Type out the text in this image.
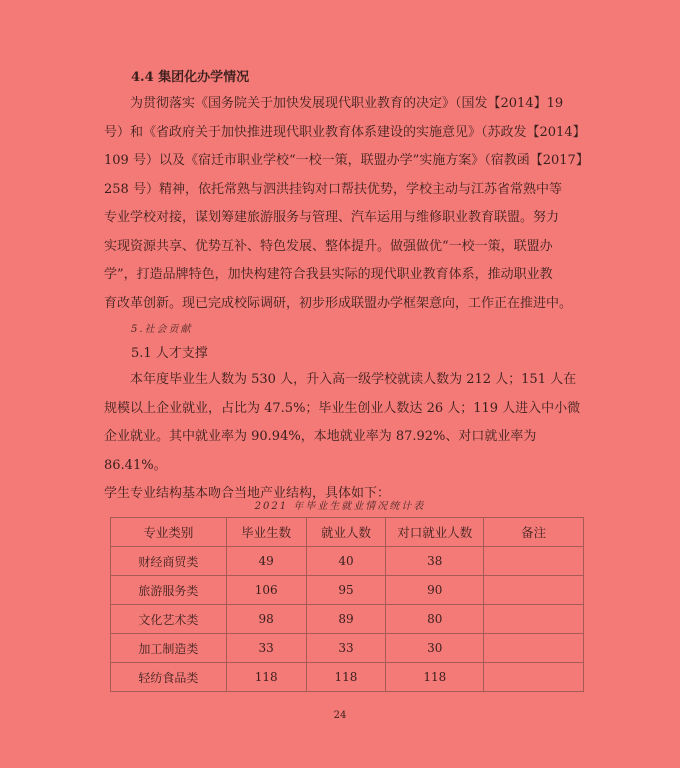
4.4 集团化办学情况

为贯彻落实《国务院关于加快发展现代职业教育的决定》（国发【2014】19

号）和《省政府关于加快推进现代职业教育体系建设的实施意见》（苏政发【2014】

109 号）以及《宿迁市职业学校“一校一策，联盟办学”实施方案》（宿教函【2017】

258 号）精神，依托常熟与泗洪挂钩对口帮扶优势，学校主动与江苏省常熟中等

专业学校对接，谋划筹建旅游服务与管理、汽车运用与维修职业教育联盟。努力

实现资源共享、优势互补、特色发展、整体提升。做强做优“一校一策，联盟办

学”，打造品牌特色，加快构建符合我县实际的现代职业教育体系，推动职业教

育改革创新。现已完成校际调研，初步形成联盟办学框架意向，工作正在推进中。

5.社会贡献
5.1 人才支撑

本年度毕业生人数为 530 人，升入高一级学校就读人数为 212 人；151 人在

规模以上企业就业，占比为 47.5%；毕业生创业人数达 26 人；119 人进入中小微

企业就业。其中就业率为 90.94%，本地就业率为 87.92%、对口就业率为 86.41%。

学生专业结构基本吻合当地产业结构，具体如下：

2021 年毕业生就业情况统计表
专业类别	毕业生数	就业人数	对口就业人数	备注
财经商贸类	49	40	38	
旅游服务类	106	95	90	
文化艺术类	98	89	80	
加工制造类	33	33	30	
轻纺食品类	118	118	118	
24
